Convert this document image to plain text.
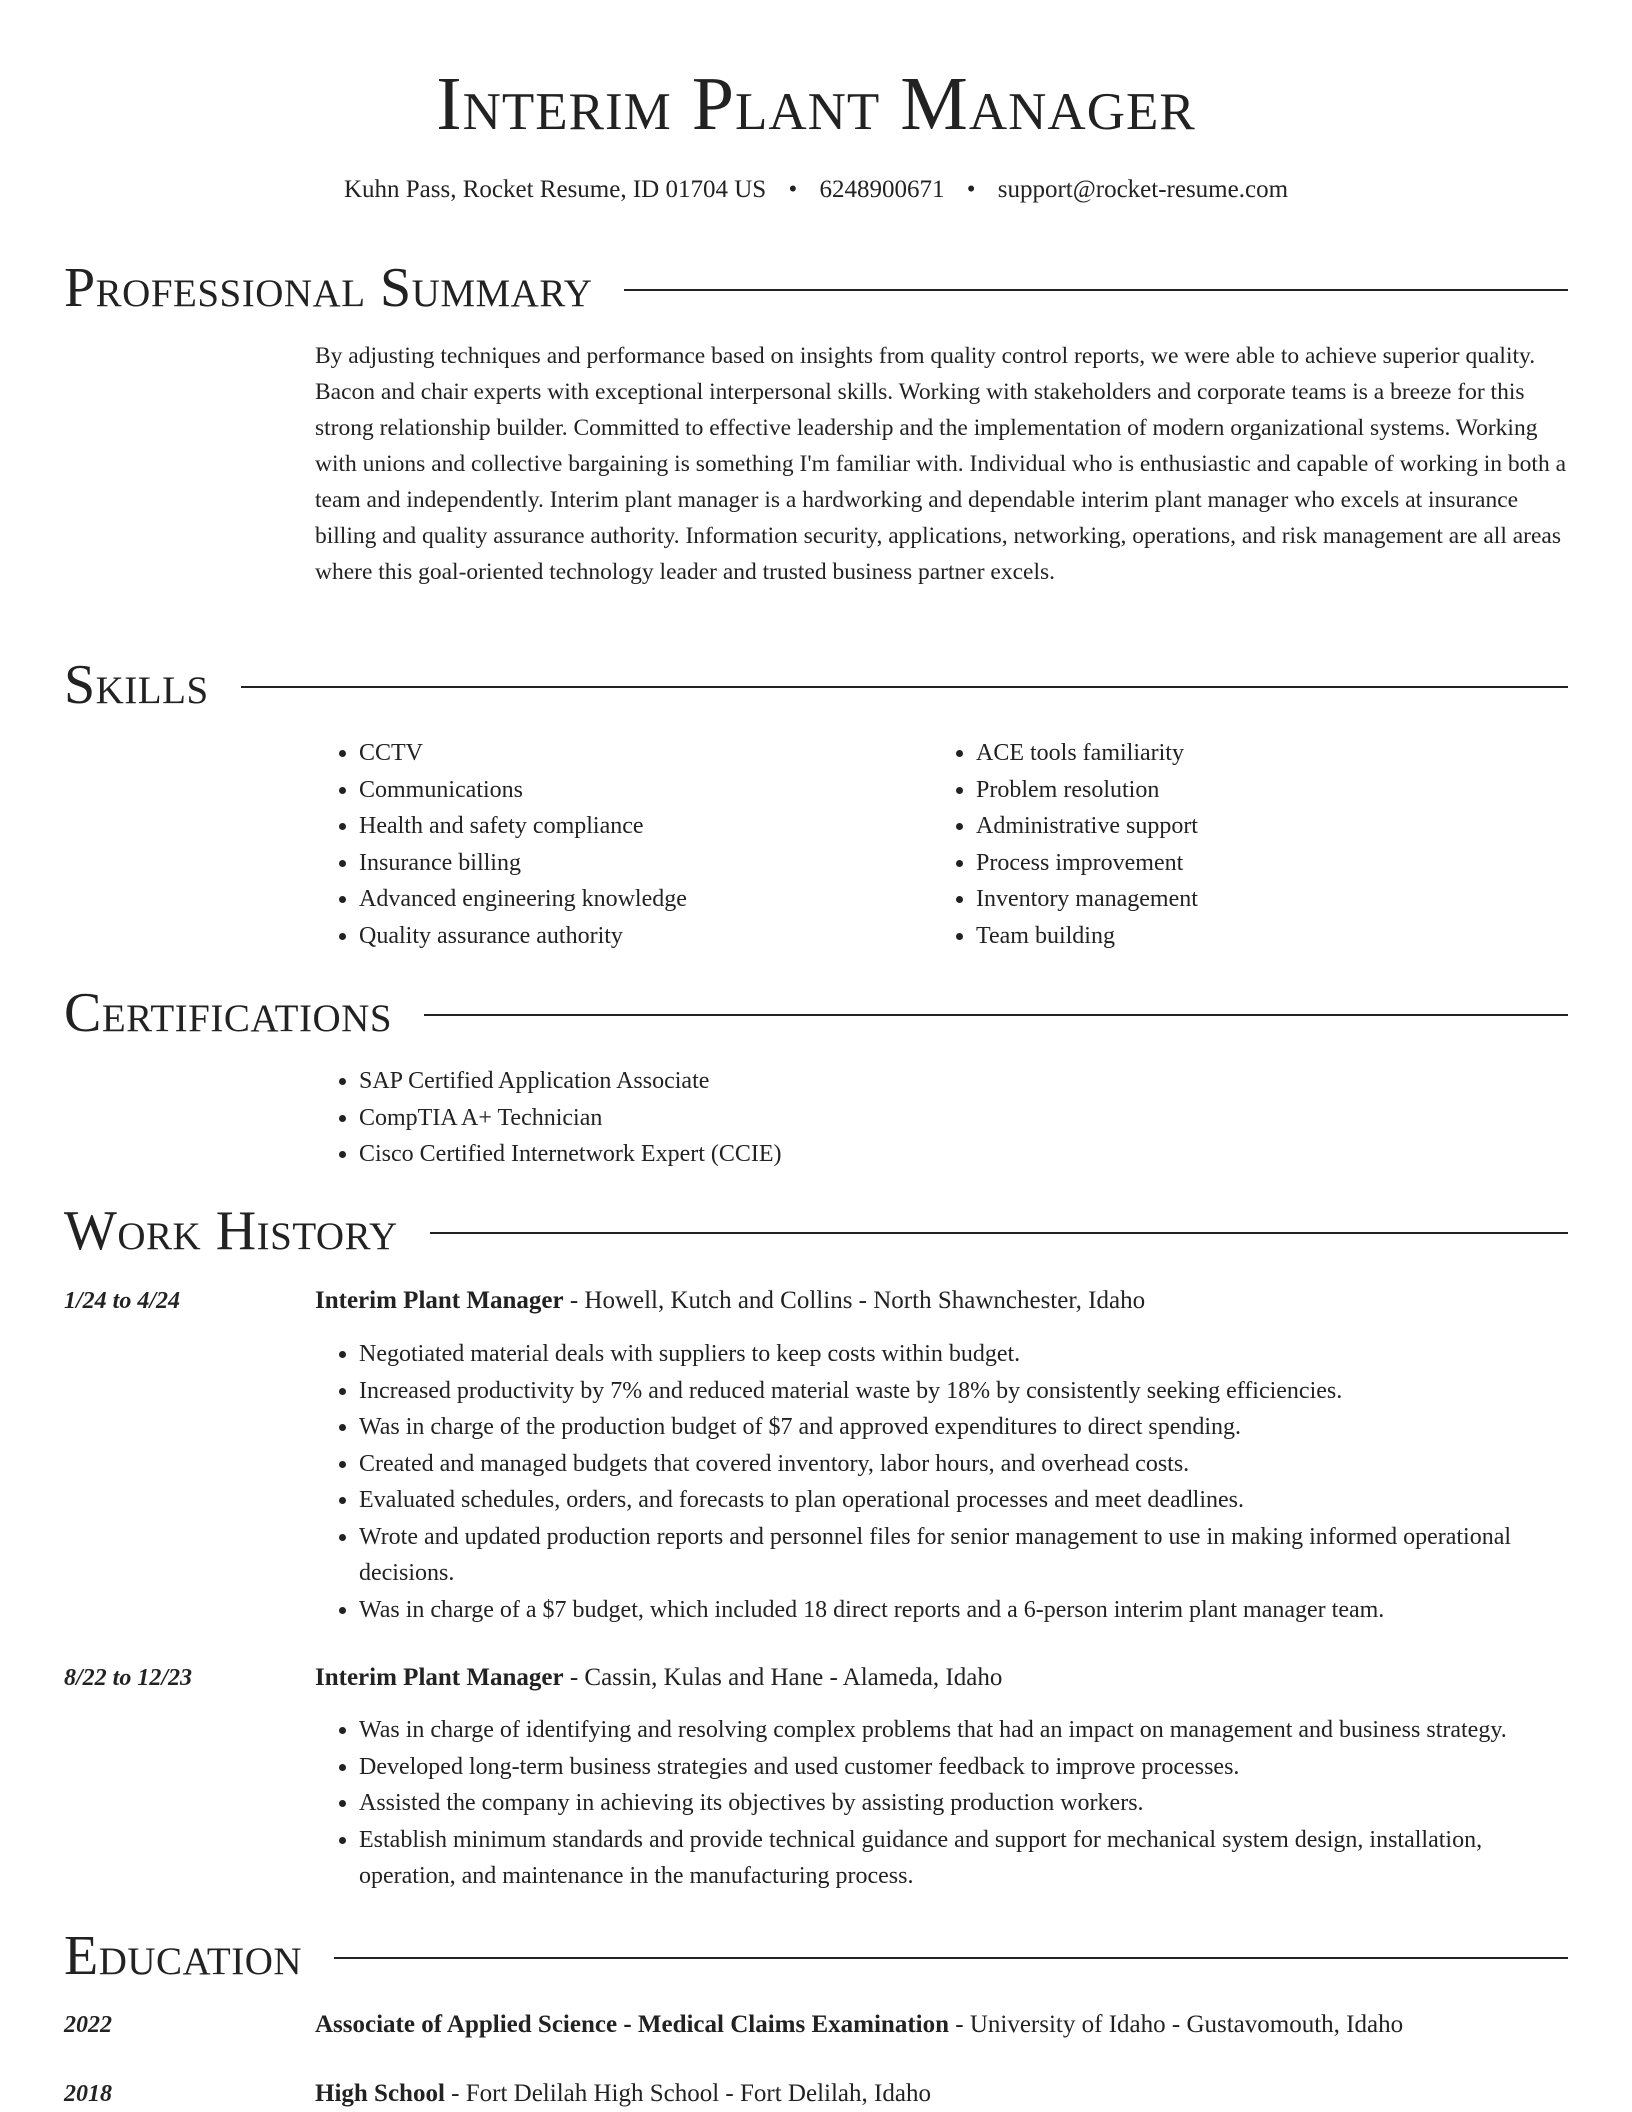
Interim Plant Manager
Kuhn Pass, Rocket Resume, ID 01704 US • 6248900671 • support@rocket-resume.com
Professional Summary

By adjusting techniques and performance based on insights from quality control reports, we were able to achieve superior quality. Bacon and chair experts with exceptional interpersonal skills. Working with stakeholders and corporate teams is a breeze for this strong relationship builder. Committed to effective leadership and the implementation of modern organizational systems. Working with unions and collective bargaining is something I'm familiar with. Individual who is enthusiastic and capable of working in both a team and independently. Interim plant manager is a hardworking and dependable interim plant manager who excels at insurance billing and quality assurance authority. Information security, applications, networking, operations, and risk management are all areas where this goal-oriented technology leader and trusted business partner excels.

Skills
• CCTV
• Communications
• Health and safety compliance
• Insurance billing
• Advanced engineering knowledge
• Quality assurance authority
• ACE tools familiarity
• Problem resolution
• Administrative support
• Process improvement
• Inventory management
• Team building
Certifications
• SAP Certified Application Associate
• CompTIA A+ Technician
• Cisco Certified Internetwork Expert (CCIE)
Work History
1/24 to 4/24	Interim Plant Manager - Howell, Kutch and Collins - North Shawnchester, Idaho
• Negotiated material deals with suppliers to keep costs within budget.
• Increased productivity by 7% and reduced material waste by 18% by consistently seeking efficiencies.
• Was in charge of the production budget of $7 and approved expenditures to direct spending.
• Created and managed budgets that covered inventory, labor hours, and overhead costs.
• Evaluated schedules, orders, and forecasts to plan operational processes and meet deadlines.
• Wrote and updated production reports and personnel files for senior management to use in making informed operational decisions.
• Was in charge of a $7 budget, which included 18 direct reports and a 6-person interim plant manager team.
8/22 to 12/23	Interim Plant Manager - Cassin, Kulas and Hane - Alameda, Idaho
• Was in charge of identifying and resolving complex problems that had an impact on management and business strategy.
• Developed long-term business strategies and used customer feedback to improve processes.
• Assisted the company in achieving its objectives by assisting production workers.
• Establish minimum standards and provide technical guidance and support for mechanical system design, installation, operation, and maintenance in the manufacturing process.
Education
2022	Associate of Applied Science - Medical Claims Examination - University of Idaho - Gustavomouth, Idaho
2018	High School - Fort Delilah High School - Fort Delilah, Idaho
